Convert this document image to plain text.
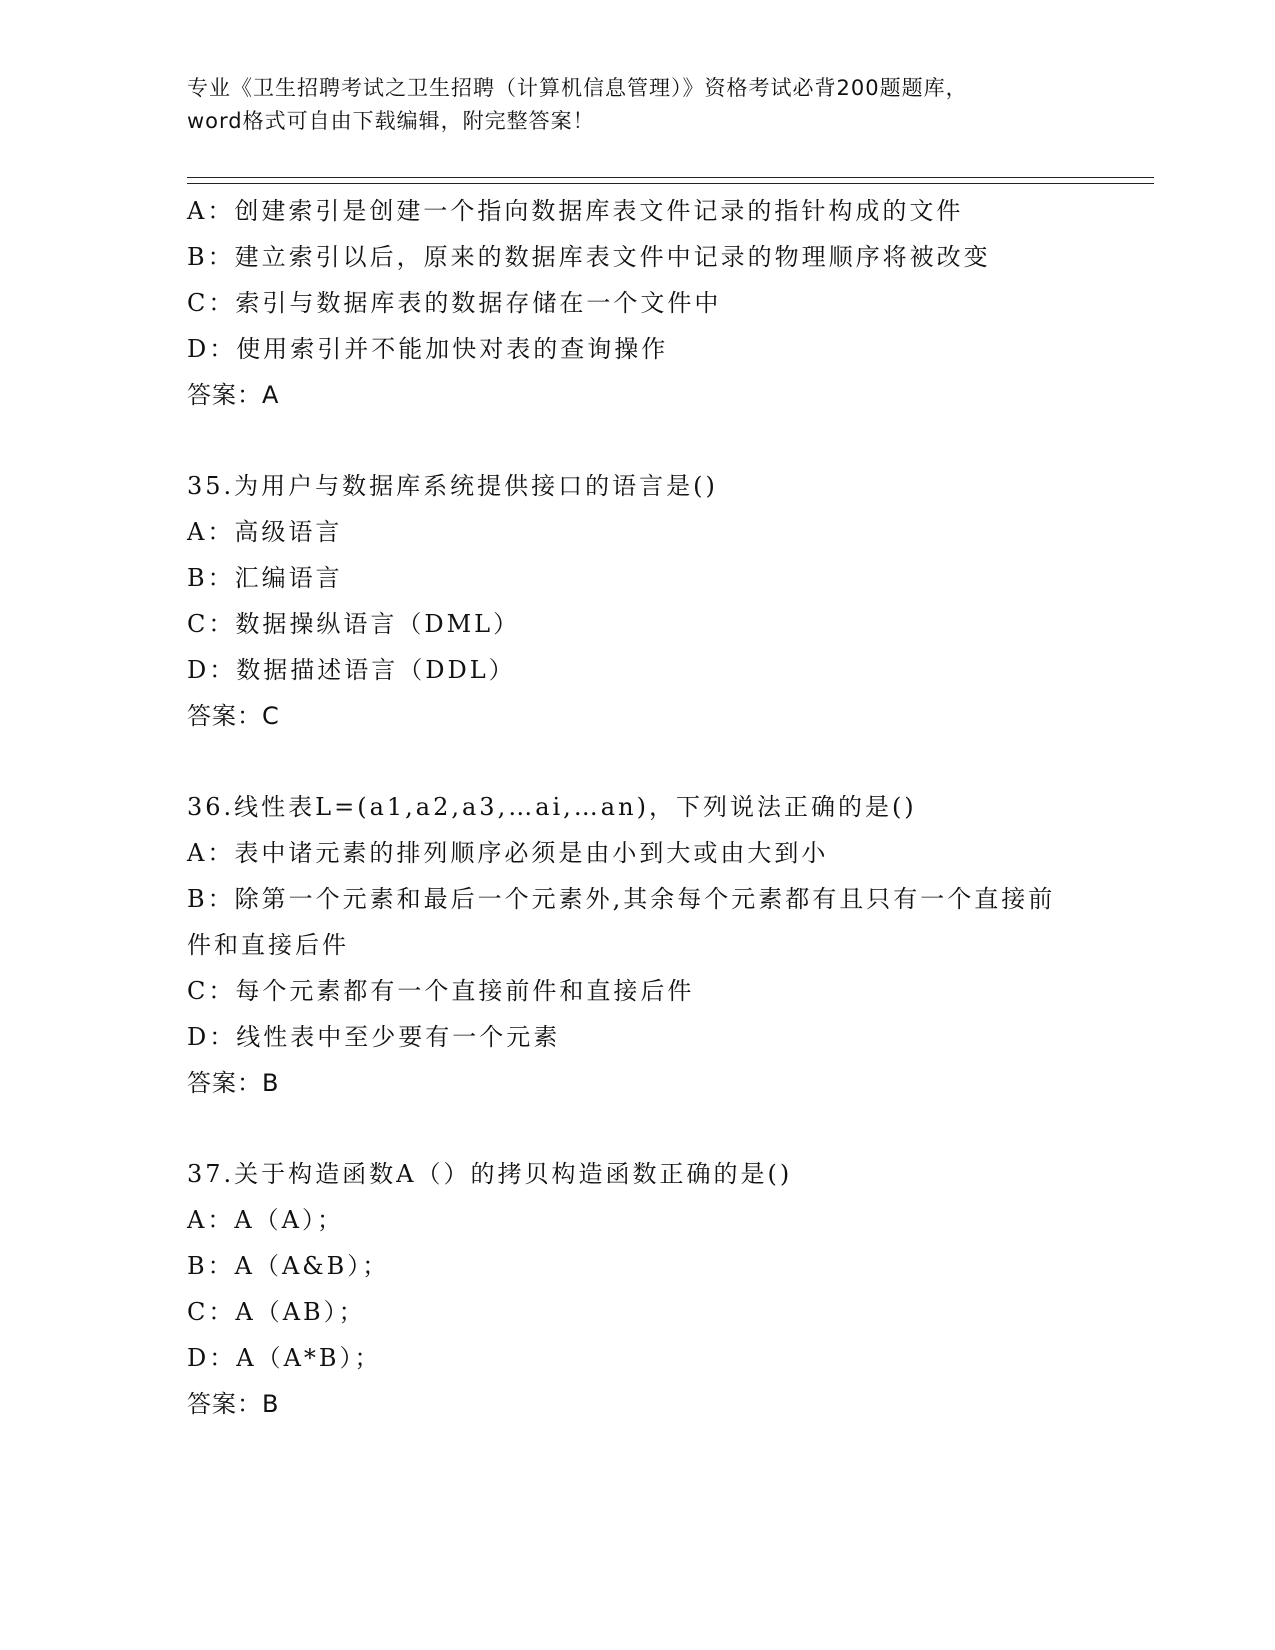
专业《卫生招聘考试之卫生招聘（计算机信息管理）》资格考试必背200题题库，
word格式可自由下载编辑，附完整答案！
A：创建索引是创建一个指向数据库表文件记录的指针构成的文件
B：建立索引以后，原来的数据库表文件中记录的物理顺序将被改变
C：索引与数据库表的数据存储在一个文件中
D：使用索引并不能加快对表的查询操作
答案：A
35.为用户与数据库系统提供接口的语言是()
A：高级语言
B：汇编语言
C：数据操纵语言（DML）
D：数据描述语言（DDL）
答案：C
36.线性表L=(a1,a2,a3,…ai,…an)，下列说法正确的是()
A：表中诸元素的排列顺序必须是由小到大或由大到小
B：除第一个元素和最后一个元素外,其余每个元素都有且只有一个直接前件和直接后件
C：每个元素都有一个直接前件和直接后件
D：线性表中至少要有一个元素
答案：B
37.关于构造函数A（）的拷贝构造函数正确的是()
A：A（A）；
B：A（A&B）；
C：A（AB）；
D：A（A*B）；
答案：B
